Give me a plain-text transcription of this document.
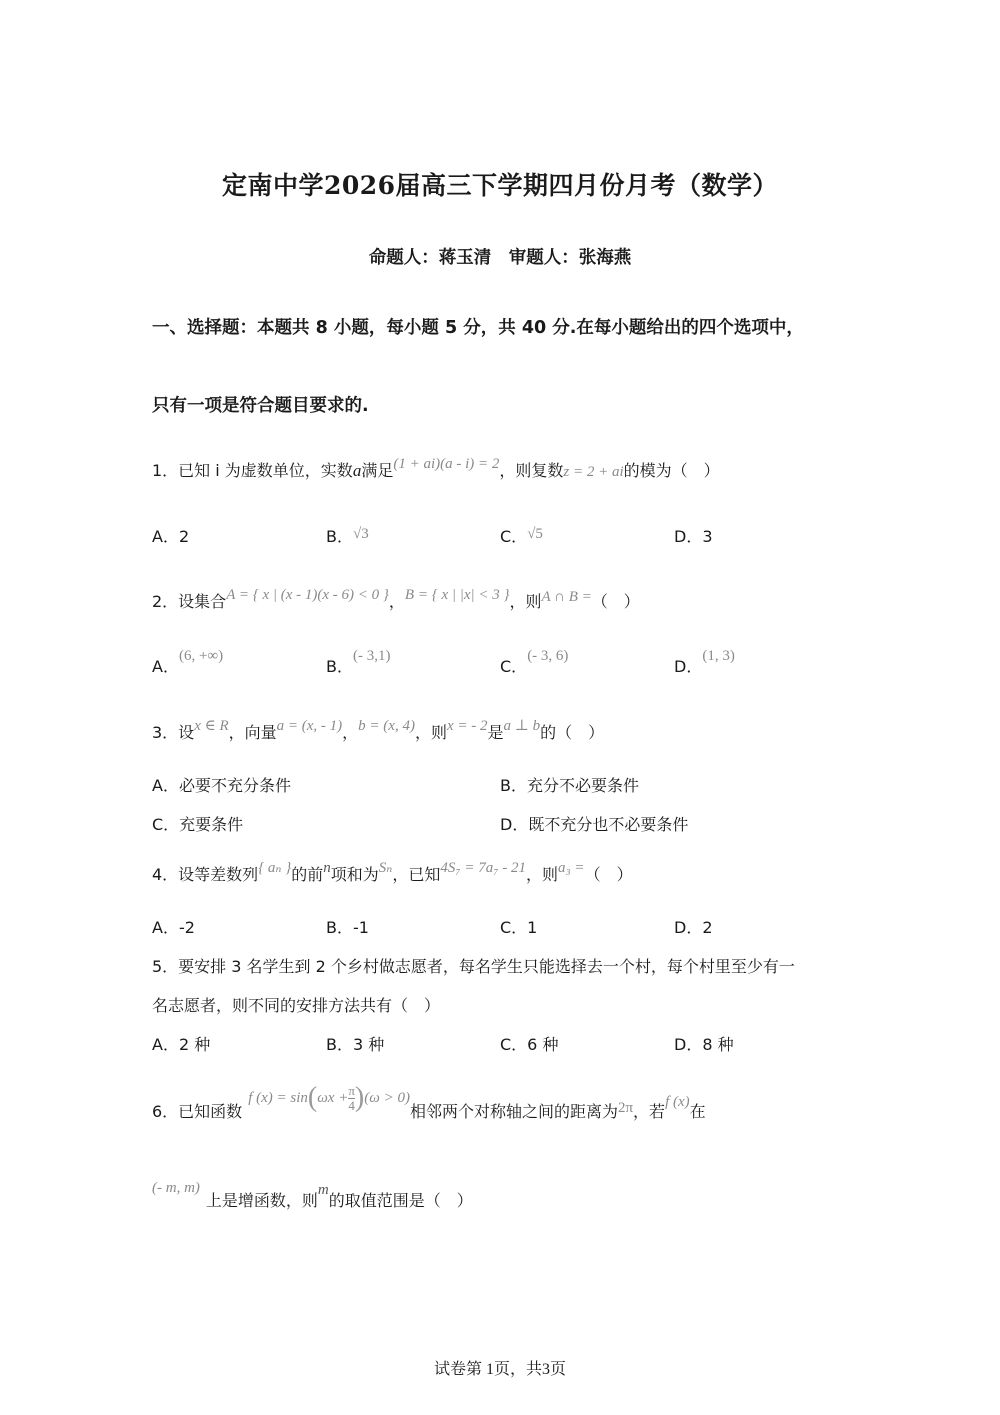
定南中学2026届高三下学期四月份月考（数学）
命题人：蒋玉清　审题人：张海燕
一、选择题：本题共 8 小题，每小题 5 分，共 40 分.在每小题给出的四个选项中，
只有一项是符合题目要求的.
1．已知 i 为虚数单位，实数a满足(1 + ai)(a - i) = 2，则复数z = 2 + ai的模为（　）
A．2	B．√3	C．√5	D．3
2．设集合A = { x | (x - 1)(x - 6) < 0 }，B = { x | |x| < 3 }，则A ∩ B =（　）
A．(6, +∞)
B．(- 3,1)
C．(- 3, 6)
D．(1, 3)
3．设x ∈ R，向量a = (x, - 1)，b = (x, 4)，则x = - 2是a ⊥ b的（　）
A．必要不充分条件	B．充分不必要条件
C．充要条件	D．既不充分也不必要条件
4．设等差数列{ aₙ }的前n项和为Sₙ，已知4S₇ = 7a₇ - 21，则a₃ =（　）
A．-2	B．-1	C．1	D．2
5．要安排 3 名学生到 2 个乡村做志愿者，每名学生只能选择去一个村，每个村里至少有一
名志愿者，则不同的安排方法共有（　）
A．2 种	B．3 种	C．6 种	D．8 种
6．已知函数
f (x) = sin ( $\omega x + \frac{\pi}{4}$ ) (ω > 0)
相邻两个对称轴之间的距离为 2π ，若 f (x) 在
(- m, m)上是增函数，则m的取值范围是（　）
试卷第 1页，共3页
